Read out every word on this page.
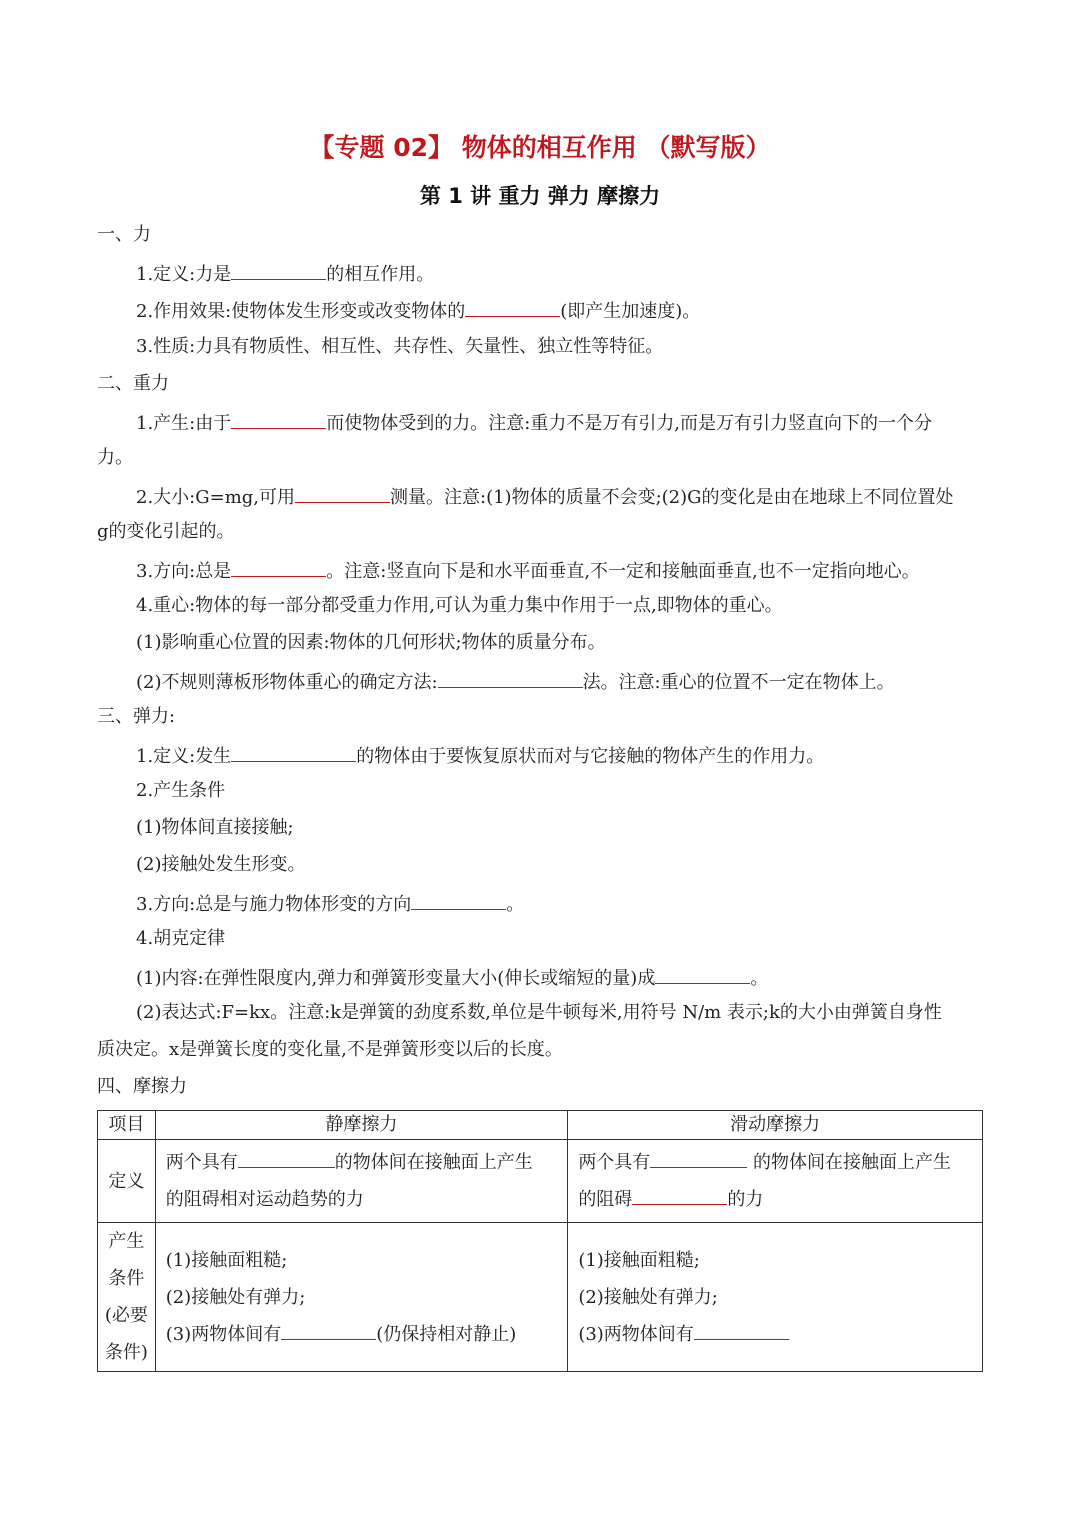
【专题 02】 物体的相互作用 （默写版）
第 1 讲 重力 弹力 摩擦力
一、力
1.定义:力是	的相互作用。
2.作用效果:使物体发生形变或改变物体的	(即产生加速度)。
3.性质:力具有物质性、相互性、共存性、矢量性、独立性等特征。
二、重力
1.产生:由于	而使物体受到的力。注意:重力不是万有引力,而是万有引力竖直向下的一个分
力。
2.大小:G=mg,可用	测量。注意:(1)物体的质量不会变;(2)G的变化是由在地球上不同位置处
g的变化引起的。
3.方向:总是	。注意:竖直向下是和水平面垂直,不一定和接触面垂直,也不一定指向地心。
4.重心:物体的每一部分都受重力作用,可认为重力集中作用于一点,即物体的重心。
(1)影响重心位置的因素:物体的几何形状;物体的质量分布。
(2)不规则薄板形物体重心的确定方法:	法。注意:重心的位置不一定在物体上。
三、弹力:
1.定义:发生	的物体由于要恢复原状而对与它接触的物体产生的作用力。
2.产生条件
(1)物体间直接接触;
(2)接触处发生形变。
3.方向:总是与施力物体形变的方向	。
4.胡克定律
(1)内容:在弹性限度内,弹力和弹簧形变量大小(伸长或缩短的量)成	。
(2)表达式:F=kx。注意:k是弹簧的劲度系数,单位是牛顿每米,用符号 N/m 表示;k的大小由弹簧自身性
质决定。x是弹簧长度的变化量,不是弹簧形变以后的长度。
四、摩擦力
项目	静摩擦力	滑动摩擦力
定义	两个具有 的物体间在接触面上产生
的阻碍相对运动趋势的力	两个具有 的物体间在接触面上产生
的阻碍 的力

产生条件(必要条件)	(1)接触面粗糙;
(2)接触处有弹力;
(3)两物体间有 (仍保持相对静止)	(1)接触面粗糙;
(2)接触处有弹力;
(3)两物体间有
